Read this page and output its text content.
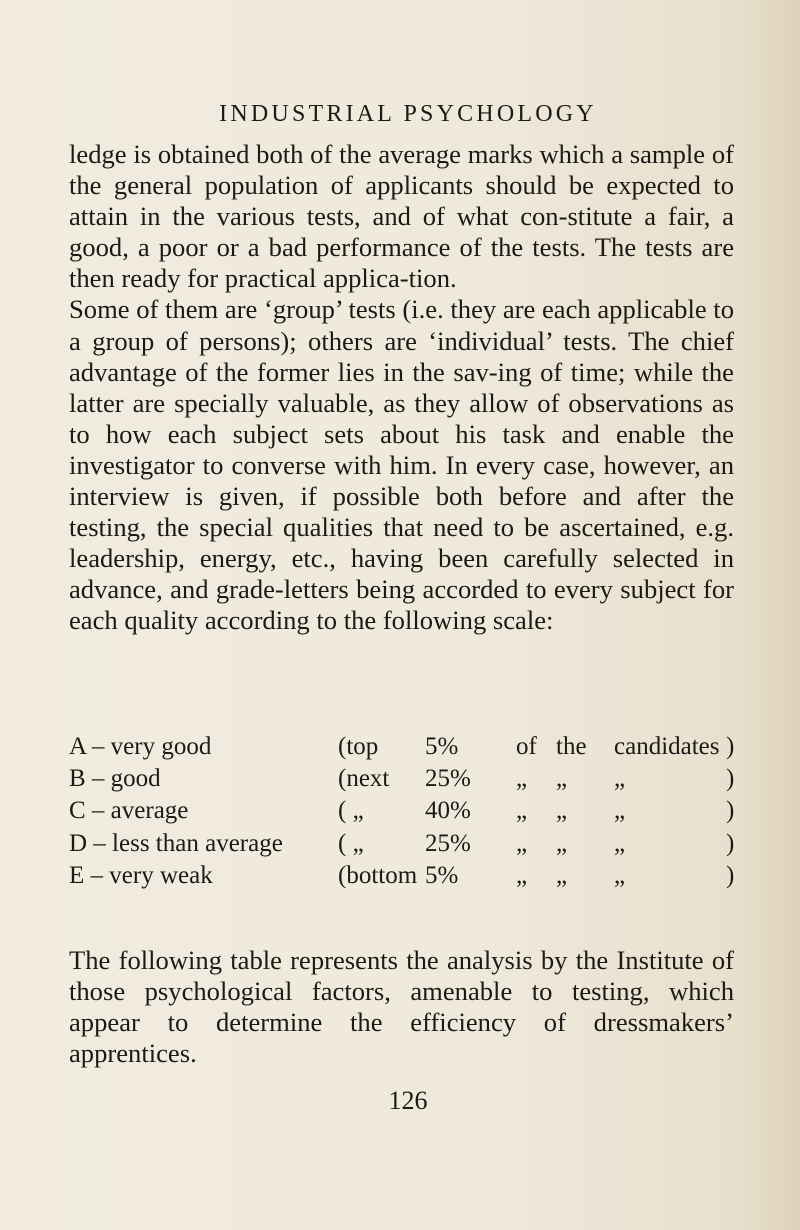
INDUSTRIAL PSYCHOLOGY

ledge is obtained both of the average marks which a sample of the general population of applicants should be expected to attain in the various tests, and of what con-stitute a fair, a good, a poor or a bad performance of the tests. The tests are then ready for practical applica-tion.

Some of them are ‘group’ tests (i.e. they are each applicable to a group of persons); others are ‘individual’ tests. The chief advantage of the former lies in the sav-ing of time; while the latter are specially valuable, as they allow of observations as to how each subject sets about his task and enable the investigator to converse with him. In every case, however, an interview is given, if possible both before and after the testing, the special qualities that need to be ascertained, e.g. leadership, energy, etc., having been carefully selected in advance, and grade-letters being accorded to every subject for each quality according to the following scale:

A – very good	(top 5% of the candidates )
B – good	(next 25% „ „ „	)
C – average	( „ 40% „ „ „	)
D – less than average ( „ 25% „ „ „	)
E – very weak	(bottom 5% „ „ „	)

The following table represents the analysis by the Institute of those psychological factors, amenable to testing, which appear to determine the efficiency of dressmakers’ apprentices.

126
